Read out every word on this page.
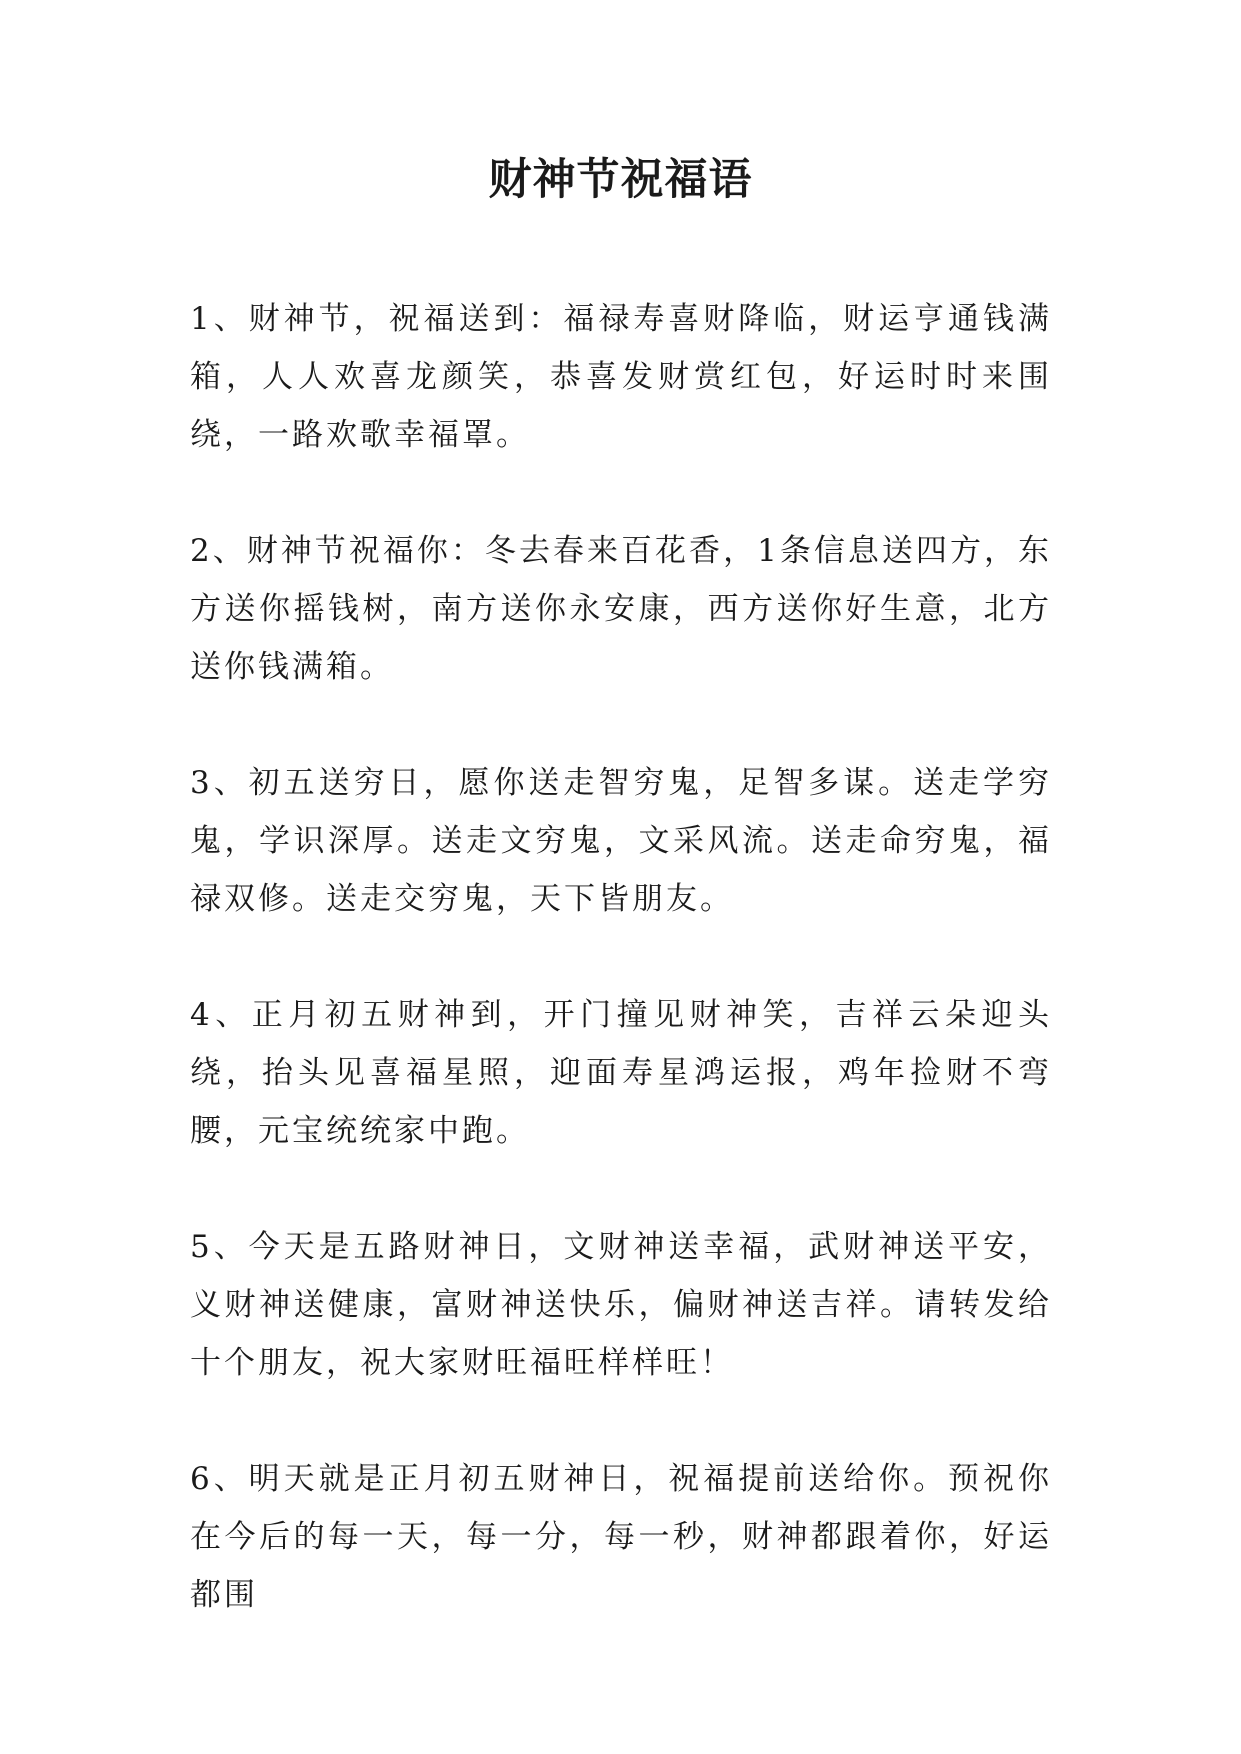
财神节祝福语

1、财神节，祝福送到：福禄寿喜财降临，财运亨通钱满箱，人人欢喜龙颜笑，恭喜发财赏红包，好运时时来围绕，一路欢歌幸福罩。

2、财神节祝福你：冬去春来百花香，1条信息送四方，东方送你摇钱树，南方送你永安康，西方送你好生意，北方送你钱满箱。

3、初五送穷日，愿你送走智穷鬼，足智多谋。送走学穷鬼，学识深厚。送走文穷鬼，文采风流。送走命穷鬼，福禄双修。送走交穷鬼，天下皆朋友。

4、正月初五财神到，开门撞见财神笑，吉祥云朵迎头绕，抬头见喜福星照，迎面寿星鸿运报，鸡年捡财不弯腰，元宝统统家中跑。

5、今天是五路财神日，文财神送幸福，武财神送平安，义财神送健康，富财神送快乐，偏财神送吉祥。请转发给十个朋友，祝大家财旺福旺样样旺！

6、明天就是正月初五财神日，祝福提前送给你。预祝你在今后的每一天，每一分，每一秒，财神都跟着你，好运都围
